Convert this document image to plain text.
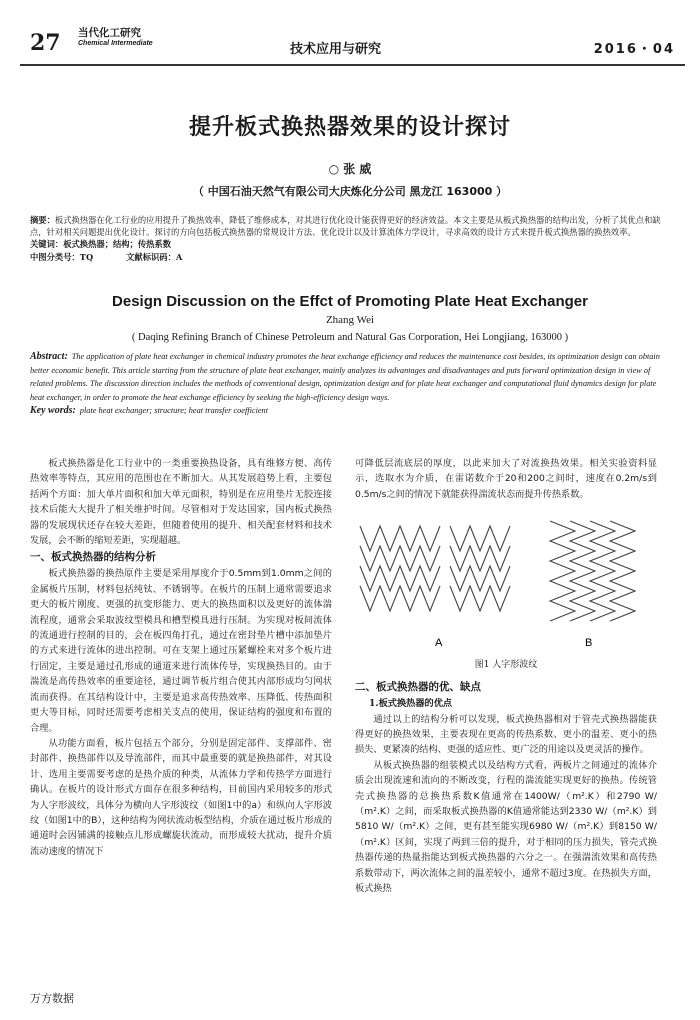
27 当代化工研究
Chemical Intermediate	技术应用与研究	2016・04
提升板式换热器效果的设计探讨
○ 张 威
（ 中国石油天然气有限公司大庆炼化分公司 黑龙江 163000 ）
摘要：板式换热器在化工行业的应用提升了换热效率，降低了维修成本，对其进行优化设计能获得更好的经济效益。本文主要是从板式换热器的结构出发，分析了其优点和缺点，针对相关问题提出优化设计。探讨的方向包括板式换热器的常规设计方法、优化设计以及计算流体力学设计，寻求高效的设计方式来提升板式换热器的换热效率。
关键词：板式换热器；结构；传热系数
中图分类号：TQ	文献标识码：A
Design Discussion on the Effct of Promoting Plate Heat Exchanger
Zhang Wei
( Daqing Refining Branch of Chinese Petroleum and Natural Gas Corporation, Hei Longjiang, 163000 )
Abstract: The application of plate heat exchanger in chemical industry promotes the heat exchange efficiency and reduces the maintenance cost besides, its optimization design can obtain better economic benefit. This article starting from the structure of plate heat exchanger, mainly analyzes its advantages and disadvantages and puts forward optimization design in view of related problems. The discussion direction includes the methods of conventional design, optimization design and for plate heat exchanger and computational fluid dynamics design for plate heat exchanger, in order to promote the heat exchange efficiency by seeking the high-efficiency design ways.
Key words: plate heat exchanger; structure; heat transfer coefficient

板式换热器是化工行业中的一类重要换热设备，具有维修方便、高传热效率等特点，其应用的范围也在不断加大。从其发展趋势上看，主要包括两个方面：加大单片面积和加大单元面积，特别是在应用垫片无胶连接技术后能大大提升了相关维护时间。尽管相对于发达国家，国内板式换热器的发展现状还存在较大差距，但随着使用的提升、相关配套材料和技术发展，会不断的缩短差距，实现超越。

一、板式换热器的结构分析

板式换热器的换热原件主要是采用厚度介于0.5mm到1.0mm之间的金属板片压制，材料包括纯钛、不锈钢等。在板片的压制上通常需要追求更大的板片刚度、更强的抗变形能力、更大的换热面积以及更好的流体湍流程度，通常会采取波纹型模具和槽型模具进行压制。为实现对板间流体的流通进行控制的目的，会在板四角打孔，通过在密封垫片槽中添加垫片的方式来进行流体的进出控制。可在支架上通过压紧螺栓来对多个板片进行固定，主要是通过孔形成的通道来进行流体传导，实现换热目的。由于湍流是高传热效率的重要途径，通过调节板片组合使其内部形成均匀网状流而获得。在其结构设计中，主要是追求高传热效率、压降低、传热面积更大等目标，同时还需要考虑相关支点的使用，保证结构的强度和布置的合理。

从功能方面看，板片包括五个部分，分别是固定部件、支撑部件、密封部件、换热部件以及导流部件，而其中最重要的就是换热部件，对其设计、选用主要需要考虑的是热介质的种类，从流体力学和传热学方面进行确认。在板片的设计形式方面存在很多种结构，目前国内采用较多的形式为人字形波纹，具体分为横向人字形波纹（如图1中的a）和纵向人字形波纹（如图1中的B），这种结构为网状流动板型结构，介质在通过板片形成的通道时会因铺满的接触点儿形成螺旋状流动，而形成较大扰动，提升介质流动速度的情况下

可降低层流底层的厚度，以此来加大了对流换热效果。相关实验资料显示，选取水为介质，在雷诺数介于20和200之间时，速度在0.2m/s到0.5m/s之间的情况下就能获得湍流状态而提升传热系数。

A	B
图1 人字形波纹
二、板式换热器的优、缺点
1.板式换热器的优点

通过以上的结构分析可以发现，板式换热器相对于管壳式换热器能获得更好的换热效果，主要表现在更高的传热系数、更小的温差、更小的热损失、更紧凑的结构、更强的适应性、更广泛的用途以及更灵活的操作。

从板式换热器的组装模式以及结构方式看，两板片之间通过的流体介质会出现流速和流向的不断改变，行程的湍流能实现更好的换热。传统管壳式换热器的总换热系数K值通常在1400W/（m².K）和2790 W/（m².K）之间，而采取板式换热器的K值通常能达到2330 W/（m².K）到5810 W/（m².K）之间，更有甚至能实现6980 W/（m².K）到8150 W/（m².K）区间，实现了两到三倍的提升，对于相同的压力损失，管壳式换热器传递的热量指能达到板式换热器的六分之一。在强湍流效果和高传热系数带动下，两次流体之间的温差较小，通常不超过3度。在热损失方面，板式换热

万方数据
